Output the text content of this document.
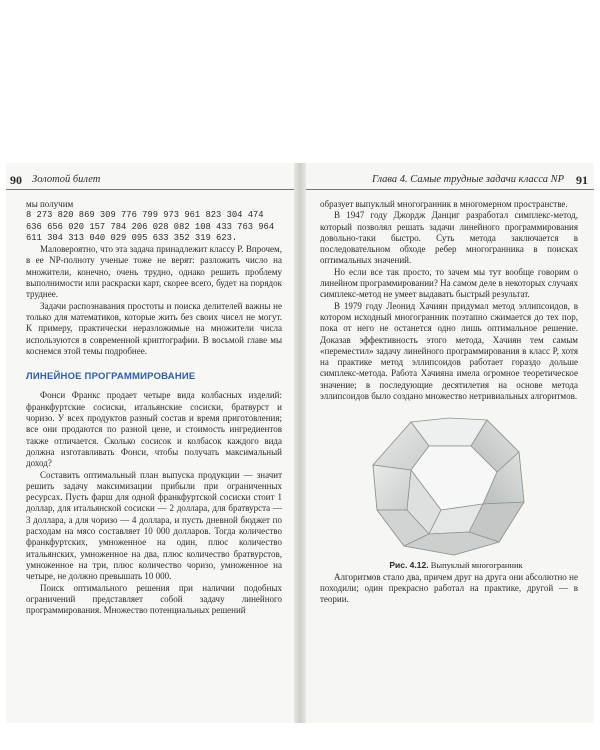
90 Золотой билет

мы получим

8 273 820 869 309 776 799 973 961 823 304 474 636 656 020 157 784 206 028 082 108 433 763 964 611 304 313 040 029 095 633 352 319 623.

Маловероятно, что эта задача принадлежит классу P. Впрочем, в ее NP-полноту ученые тоже не верят: разложить число на множители, конечно, очень трудно, однако решить проблему выполнимости или раскраски карт, скорее всего, будет на порядок труднее.

Задачи распознавания простоты и поиска делителей важны не только для математиков, которые жить без своих чисел не могут. К примеру, практически неразложимые на множители числа используются в современной криптографии. В восьмой главе мы коснемся этой темы подробнее.

ЛИНЕЙНОЕ ПРОГРАММИРОВАНИЕ

Фонси Франкс продает четыре вида колбасных изделий: франкфуртские сосиски, итальянские сосиски, братвурст и чоризо. У всех продуктов разный состав и время приготовления; все они продаются по разной цене, и стоимость ингредиентов также отличается. Сколько сосисок и колбасок каждого вида должна изготавливать Фонси, чтобы получать максимальный доход?

Составить оптимальный план выпуска продукции — значит решить задачу максимизации прибыли при ограниченных ресурсах. Пусть фарш для одной франкфуртской сосиски стоит 1 доллар, для итальянской сосиски — 2 доллара, для братвурста — 3 доллара, а для чоризо — 4 доллара, и пусть дневной бюджет по расходам на мясо составляет 10 000 долларов. Тогда количество франкфуртских, умноженное на один, плюс количество итальянских, умноженное на два, плюс количество братвурстов, умноженное на три, плюс количество чоризо, умноженное на четыре, не должно превышать 10 000.

Поиск оптимального решения при наличии подобных ограничений представляет собой задачу линейного программирования. Множество потенциальных решений

Глава 4. Самые трудные задачи класса NP 91

образует выпуклый многогранник в многомерном пространстве.

В 1947 году Джордж Данциг разработал симплекс-метод, который позволял решать задачи линейного программирования довольно-таки быстро. Суть метода заключается в последовательном обходе ребер многогранника в поисках оптимальных значений.

Но если все так просто, то зачем мы тут вообще говорим о линейном программировании? На самом деле в некоторых случаях симплекс-метод не умеет выдавать быстрый результат.

В 1979 году Леонид Хачиян придумал метод эллипсоидов, в котором исходный многогранник поэтапно сжимается до тех пор, пока от него не останется одно лишь оптимальное решение. Доказав эффективность этого метода, Хачиян тем самым «переместил» задачу линейного программирования в класс P, хотя на практике метод эллипсоидов работает гораздо дольше симплекс-метода. Работа Хачияна имела огромное теоретическое значение; в последующие десятилетия на основе метода эллипсоидов было создано множество нетривиальных алгоритмов.

Рис. 4.12. Выпуклый многогранник

Алгоритмов стало два, причем друг на друга они абсолютно не походили; один прекрасно работал на практике, другой — в теории.
